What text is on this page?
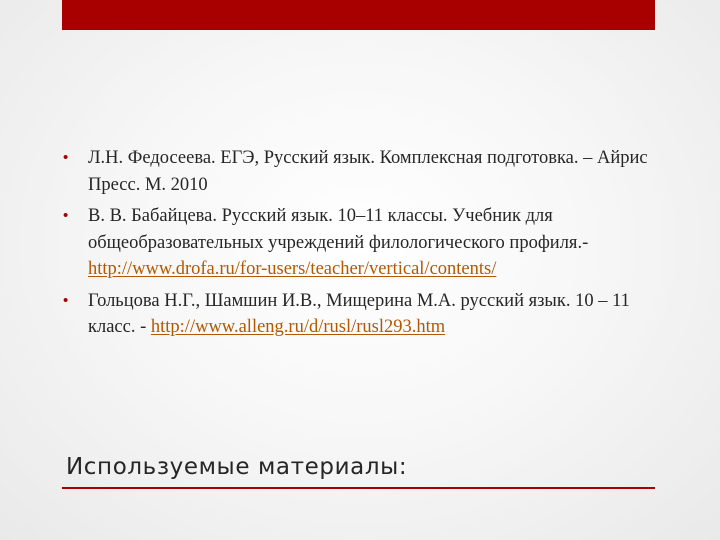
• Л.Н. Федосеева. ЕГЭ, Русский язык. Комплексная подготовка. – Айрис Пресс. М. 2010
• В. В. Бабайцева. Русский язык. 10–11 классы. Учебник для общеобразовательных учреждений филологического профиля.- http://www.drofa.ru/for-users/teacher/vertical/contents/
• Гольцова Н.Г., Шамшин И.В., Мищерина М.А. русский язык. 10 – 11 класс. - http://www.alleng.ru/d/rusl/rusl293.htm
Используемые материалы:
